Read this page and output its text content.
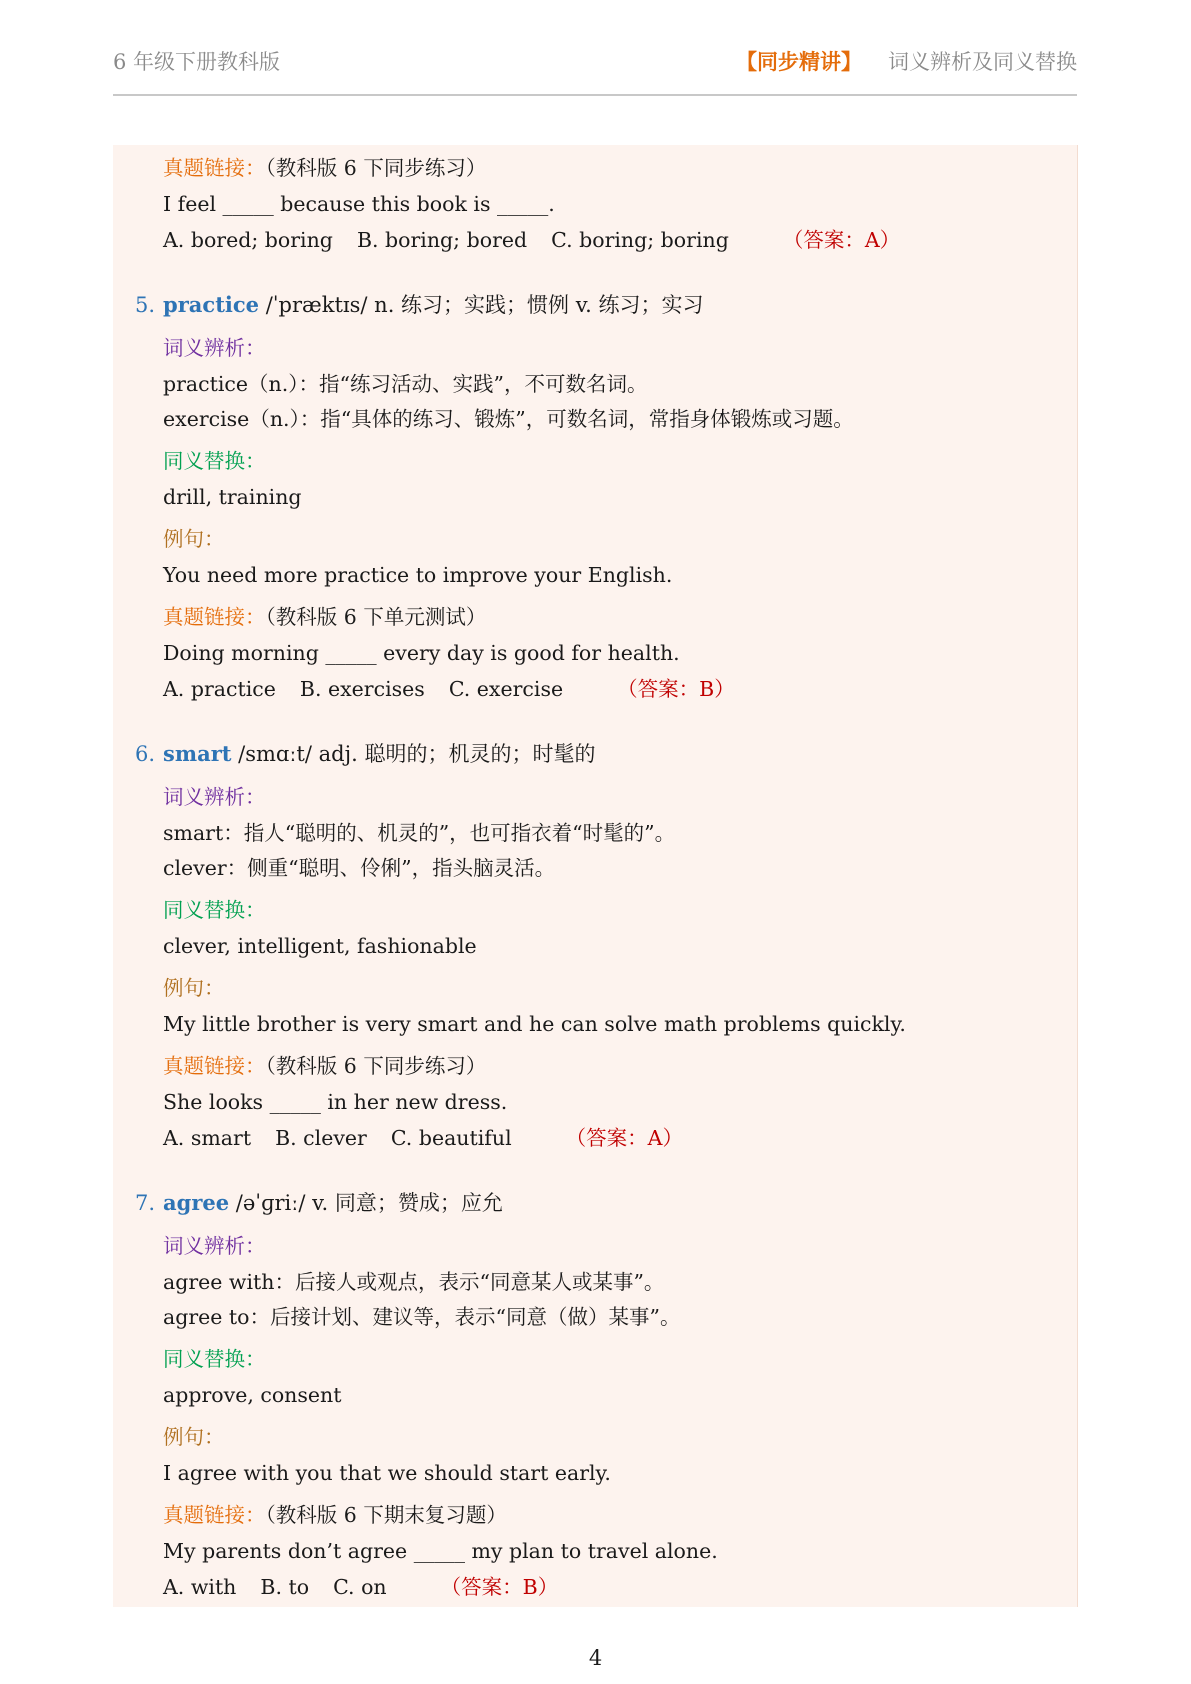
6 年级下册教科版	【同步精讲】 词义辨析及同义替换
真题链接：（教科版 6 下同步练习）
I feel _____ because this book is _____.
A. bored; boring B. boring; bored C. boring; boring	（答案：A）
5. practice /ˈpræktɪs/ n. 练习；实践；惯例 v. 练习；实习
词义辨析：
practice（n.）：指“练习活动、实践”，不可数名词。
exercise（n.）：指“具体的练习、锻炼”，可数名词，常指身体锻炼或习题。
同义替换：
drill, training
例句：
You need more practice to improve your English.
真题链接：（教科版 6 下单元测试）
Doing morning _____ every day is good for health.
A. practice B. exercises C. exercise	（答案：B）
6. smart /smɑːt/ adj. 聪明的；机灵的；时髦的
词义辨析：
smart：指人“聪明的、机灵的”，也可指衣着“时髦的”。
clever：侧重“聪明、伶俐”，指头脑灵活。
同义替换：
clever, intelligent, fashionable
例句：
My little brother is very smart and he can solve math problems quickly.
真题链接：（教科版 6 下同步练习）
She looks _____ in her new dress.
A. smart B. clever C. beautiful	（答案：A）
7. agree /əˈɡriː/ v. 同意；赞成；应允
词义辨析：
agree with：后接人或观点，表示“同意某人或某事”。
agree to：后接计划、建议等，表示“同意（做）某事”。
同义替换：
approve, consent
例句：
I agree with you that we should start early.
真题链接：（教科版 6 下期末复习题）
My parents don’t agree _____ my plan to travel alone.
A. with B. to C. on	（答案：B）
4
